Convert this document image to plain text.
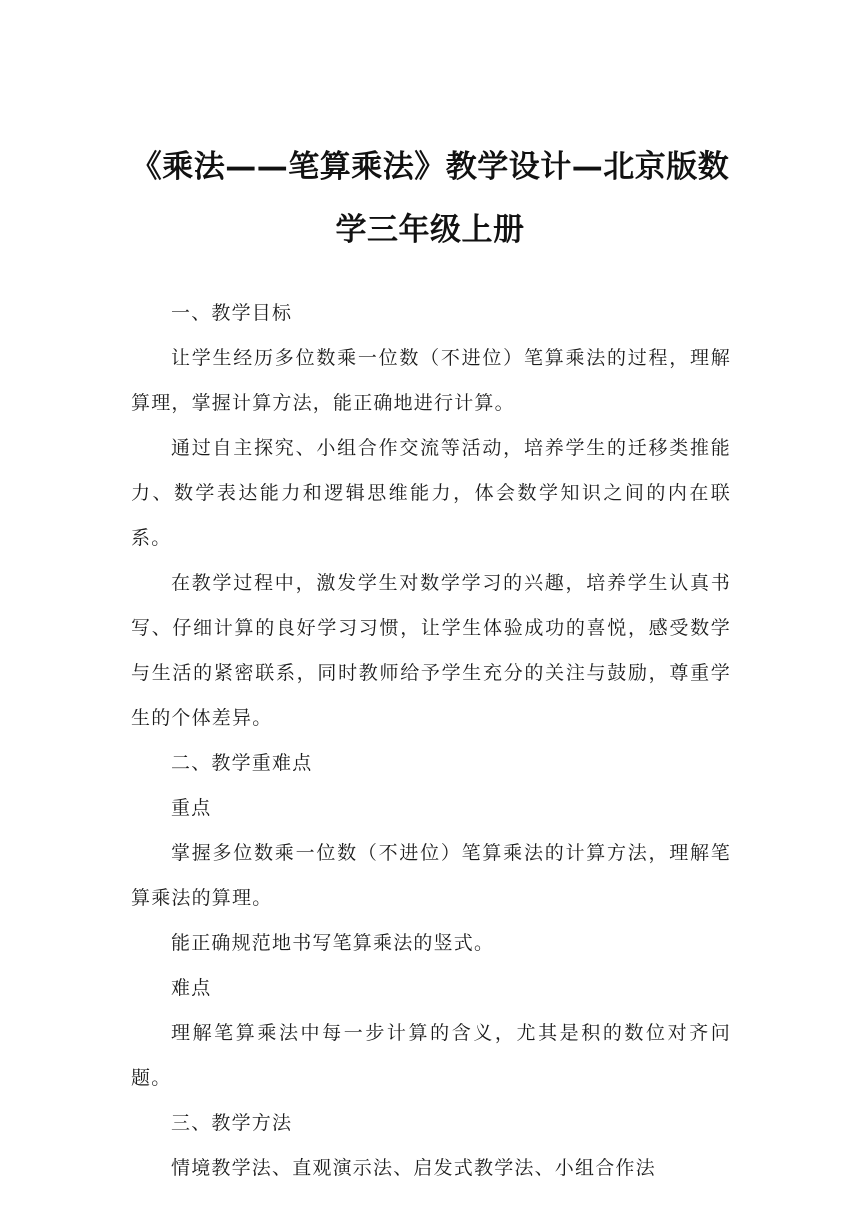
《乘法——笔算乘法》教学设计—北京版数学三年级上册

一、教学目标

让学生经历多位数乘一位数（不进位）笔算乘法的过程，理解算理，掌握计算方法，能正确地进行计算。

通过自主探究、小组合作交流等活动，培养学生的迁移类推能力、数学表达能力和逻辑思维能力，体会数学知识之间的内在联系。

在教学过程中，激发学生对数学学习的兴趣，培养学生认真书写、仔细计算的良好学习习惯，让学生体验成功的喜悦，感受数学与生活的紧密联系，同时教师给予学生充分的关注与鼓励，尊重学生的个体差异。

二、教学重难点

重点

掌握多位数乘一位数（不进位）笔算乘法的计算方法，理解笔算乘法的算理。

能正确规范地书写笔算乘法的竖式。

难点

理解笔算乘法中每一步计算的含义，尤其是积的数位对齐问题。

三、教学方法

情境教学法、直观演示法、启发式教学法、小组合作法
